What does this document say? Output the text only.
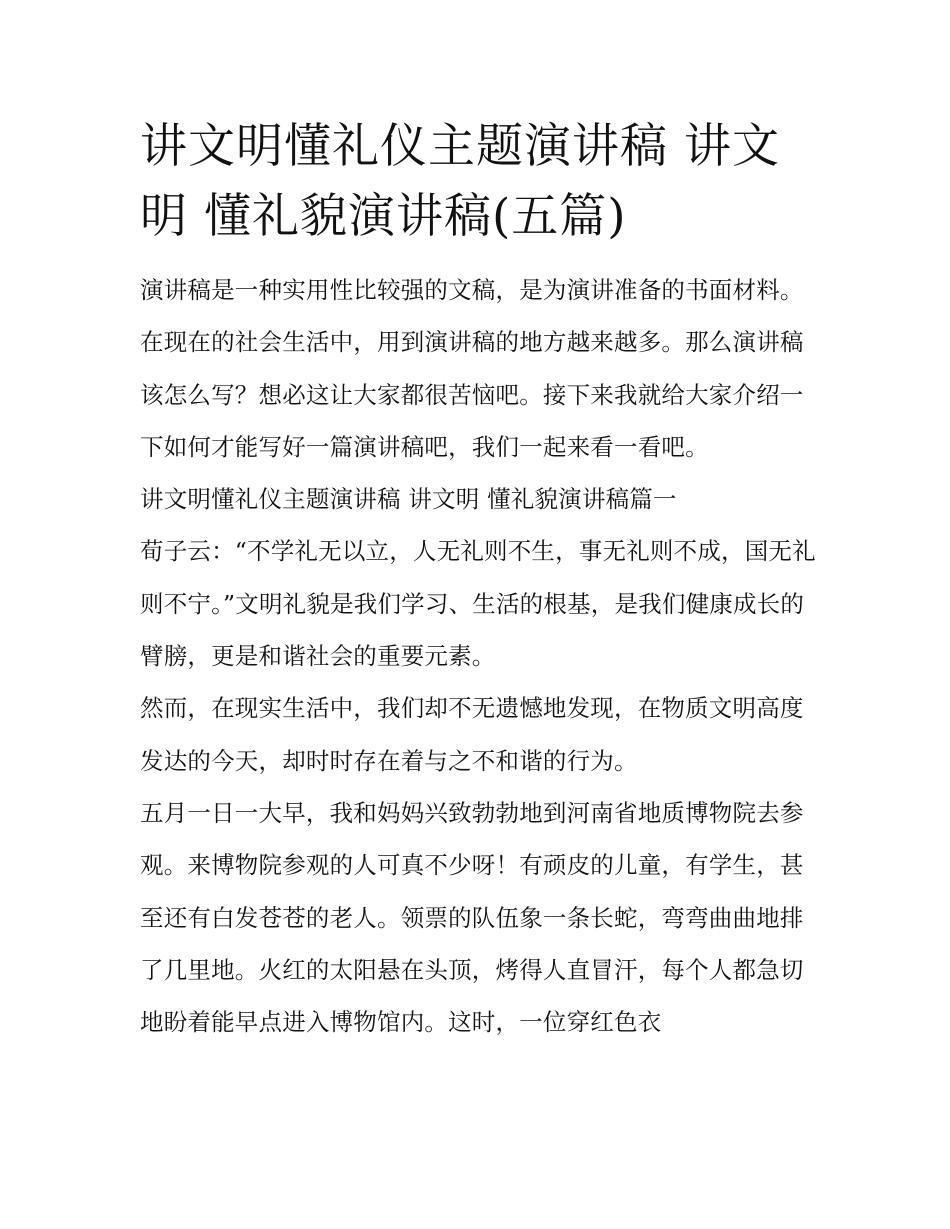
讲文明懂礼仪主题演讲稿 讲文明 懂礼貌演讲稿(五篇)

演讲稿是一种实用性比较强的文稿，是为演讲准备的书面材料。在现在的社会生活中，用到演讲稿的地方越来越多。那么演讲稿该怎么写？想必这让大家都很苦恼吧。接下来我就给大家介绍一下如何才能写好一篇演讲稿吧，我们一起来看一看吧。

讲文明懂礼仪主题演讲稿 讲文明 懂礼貌演讲稿篇一

荀子云：“不学礼无以立，人无礼则不生，事无礼则不成，国无礼则不宁。”文明礼貌是我们学习、生活的根基，是我们健康成长的臂膀，更是和谐社会的重要元素。

然而，在现实生活中，我们却不无遗憾地发现，在物质文明高度发达的今天，却时时存在着与之不和谐的行为。

五月一日一大早，我和妈妈兴致勃勃地到河南省地质博物院去参观。来博物院参观的人可真不少呀！有顽皮的儿童，有学生，甚至还有白发苍苍的老人。领票的队伍象一条长蛇，弯弯曲曲地排了几里地。火红的太阳悬在头顶，烤得人直冒汗，每个人都急切地盼着能早点进入博物馆内。这时，一位穿红色衣
